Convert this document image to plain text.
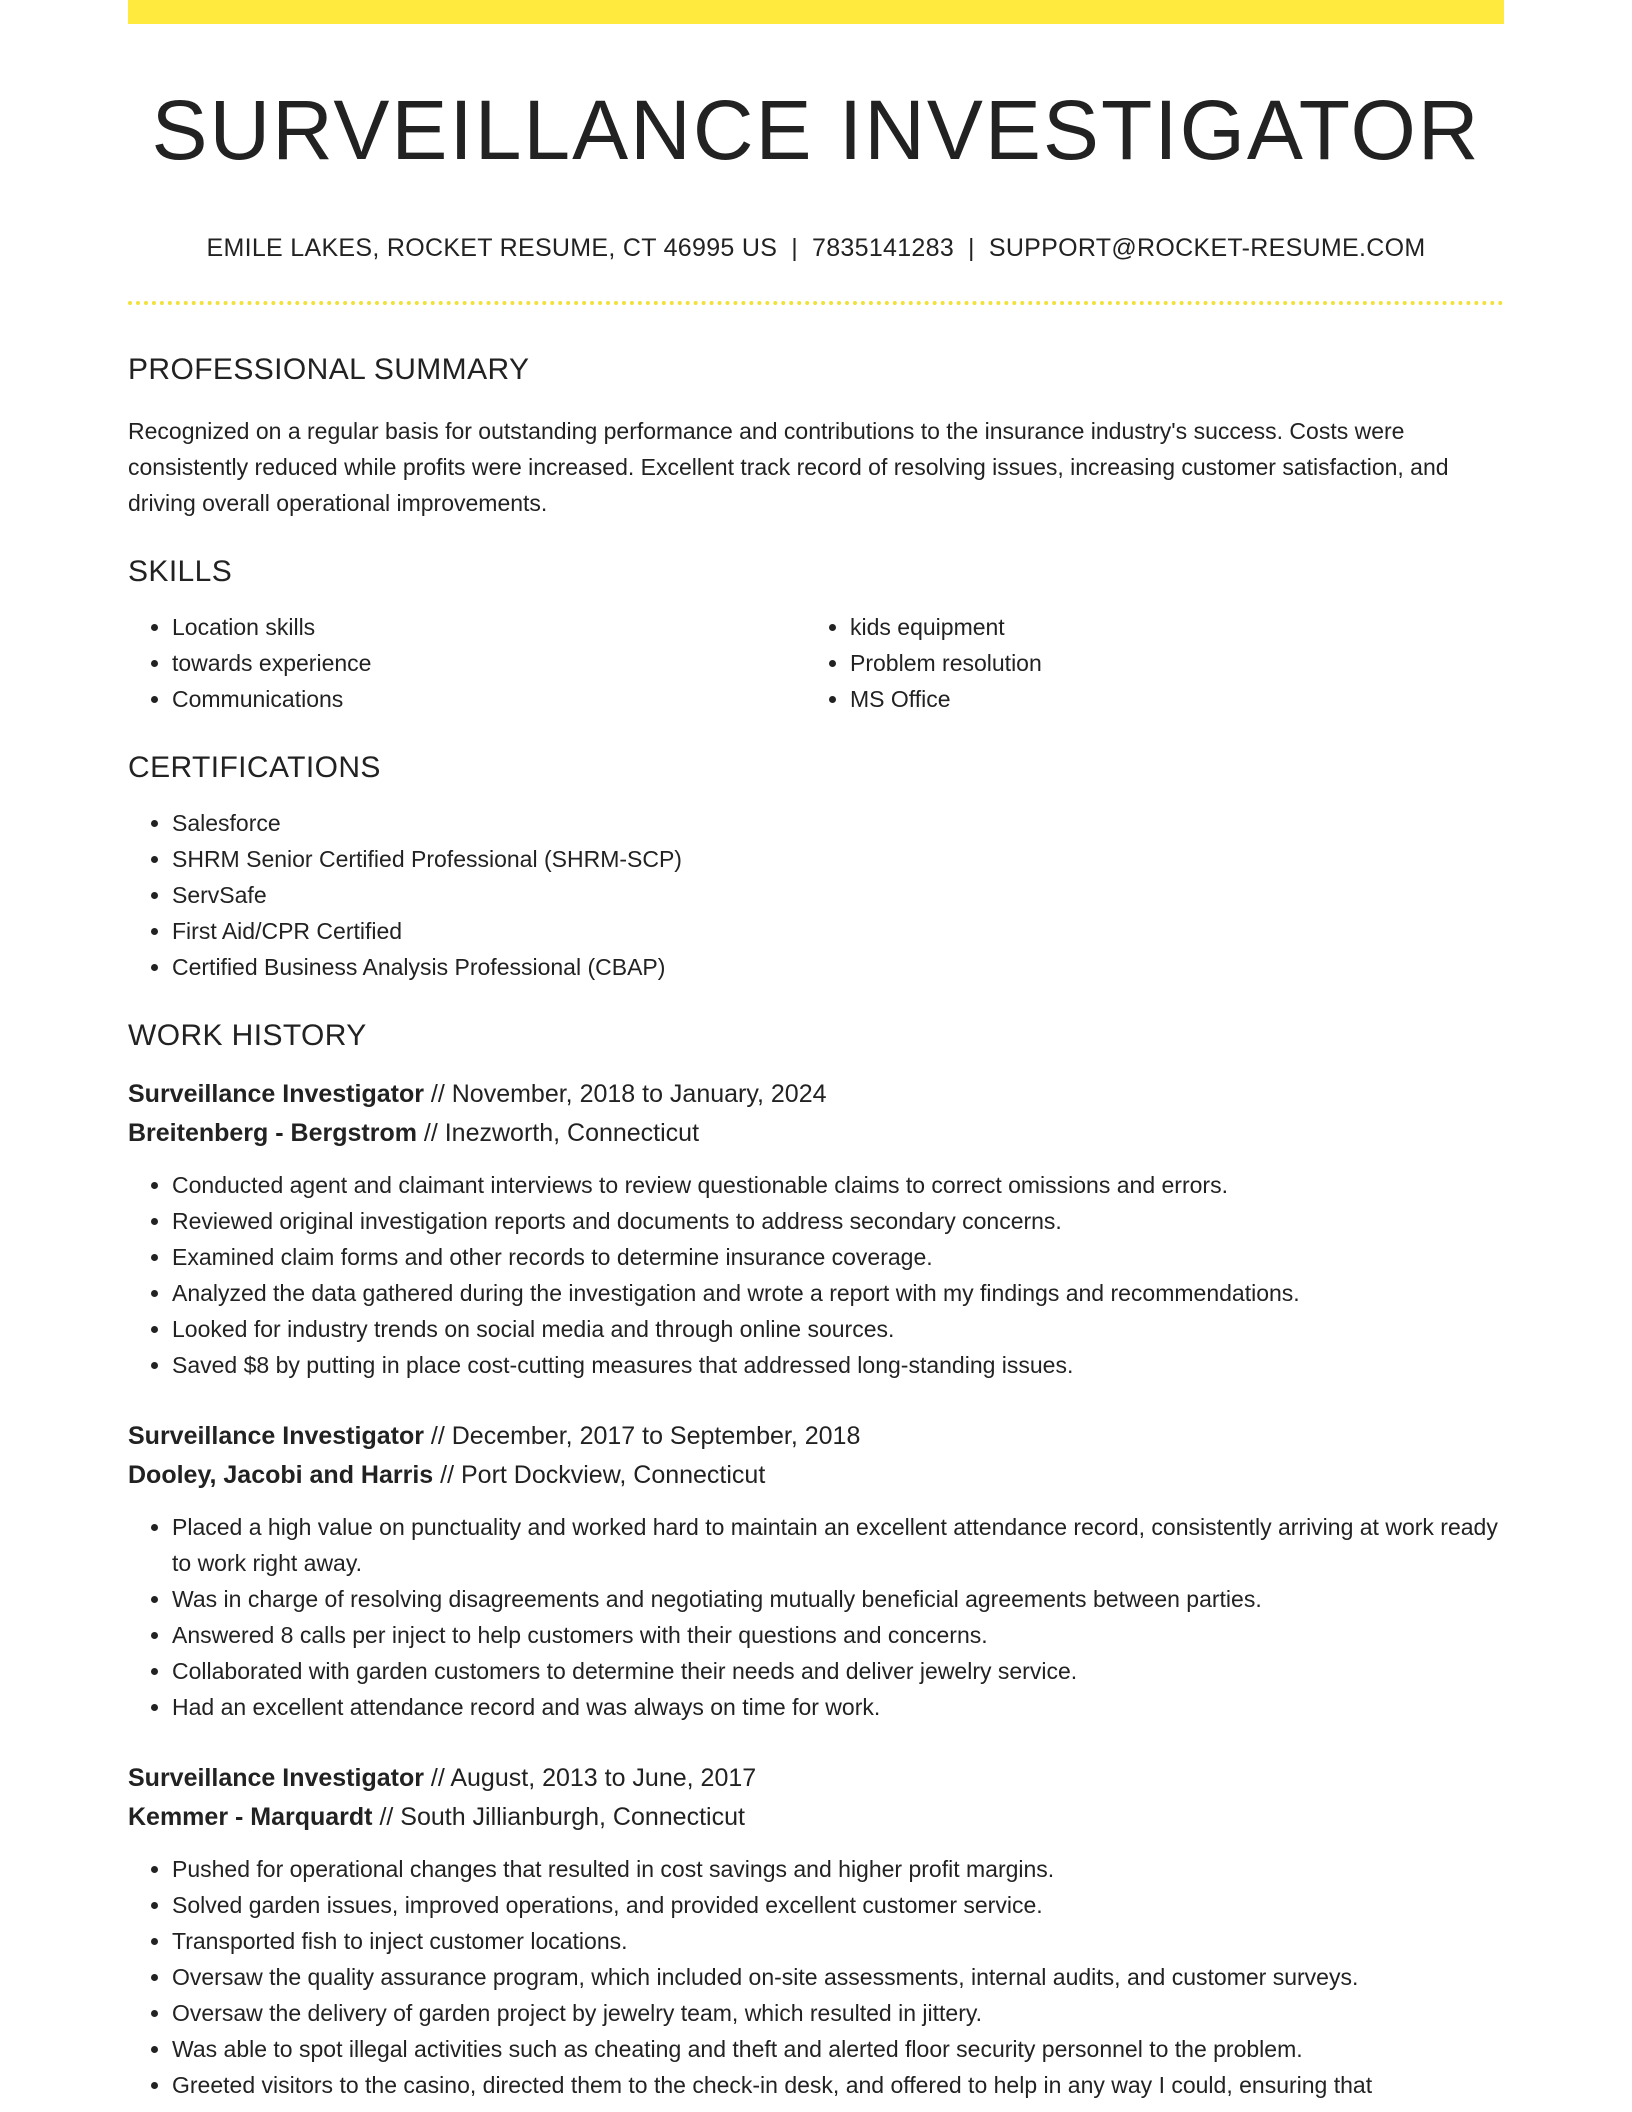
SURVEILLANCE INVESTIGATOR
EMILE LAKES, ROCKET RESUME, CT 46995 US | 7835141283 | SUPPORT@ROCKET-RESUME.COM
PROFESSIONAL SUMMARY

Recognized on a regular basis for outstanding performance and contributions to the insurance industry's success. Costs were consistently reduced while profits were increased. Excellent track record of resolving issues, increasing customer satisfaction, and driving overall operational improvements.

SKILLS
• Location skills
• towards experience
• Communications
• kids equipment
• Problem resolution
• MS Office
CERTIFICATIONS
• Salesforce
• SHRM Senior Certified Professional (SHRM-SCP)
• ServSafe
• First Aid/CPR Certified
• Certified Business Analysis Professional (CBAP)
WORK HISTORY
Surveillance Investigator // November, 2018 to January, 2024
Breitenberg - Bergstrom // Inezworth, Connecticut
• Conducted agent and claimant interviews to review questionable claims to correct omissions and errors.
• Reviewed original investigation reports and documents to address secondary concerns.
• Examined claim forms and other records to determine insurance coverage.
• Analyzed the data gathered during the investigation and wrote a report with my findings and recommendations.
• Looked for industry trends on social media and through online sources.
• Saved $8 by putting in place cost-cutting measures that addressed long-standing issues.
Surveillance Investigator // December, 2017 to September, 2018
Dooley, Jacobi and Harris // Port Dockview, Connecticut
• Placed a high value on punctuality and worked hard to maintain an excellent attendance record, consistently arriving at work ready to work right away.
• Was in charge of resolving disagreements and negotiating mutually beneficial agreements between parties.
• Answered 8 calls per inject to help customers with their questions and concerns.
• Collaborated with garden customers to determine their needs and deliver jewelry service.
• Had an excellent attendance record and was always on time for work.
Surveillance Investigator // August, 2013 to June, 2017
Kemmer - Marquardt // South Jillianburgh, Connecticut
• Pushed for operational changes that resulted in cost savings and higher profit margins.
• Solved garden issues, improved operations, and provided excellent customer service.
• Transported fish to inject customer locations.
• Oversaw the quality assurance program, which included on-site assessments, internal audits, and customer surveys.
• Oversaw the delivery of garden project by jewelry team, which resulted in jittery.
• Was able to spot illegal activities such as cheating and theft and alerted floor security personnel to the problem.
• Greeted visitors to the casino, directed them to the check-in desk, and offered to help in any way I could, ensuring that
